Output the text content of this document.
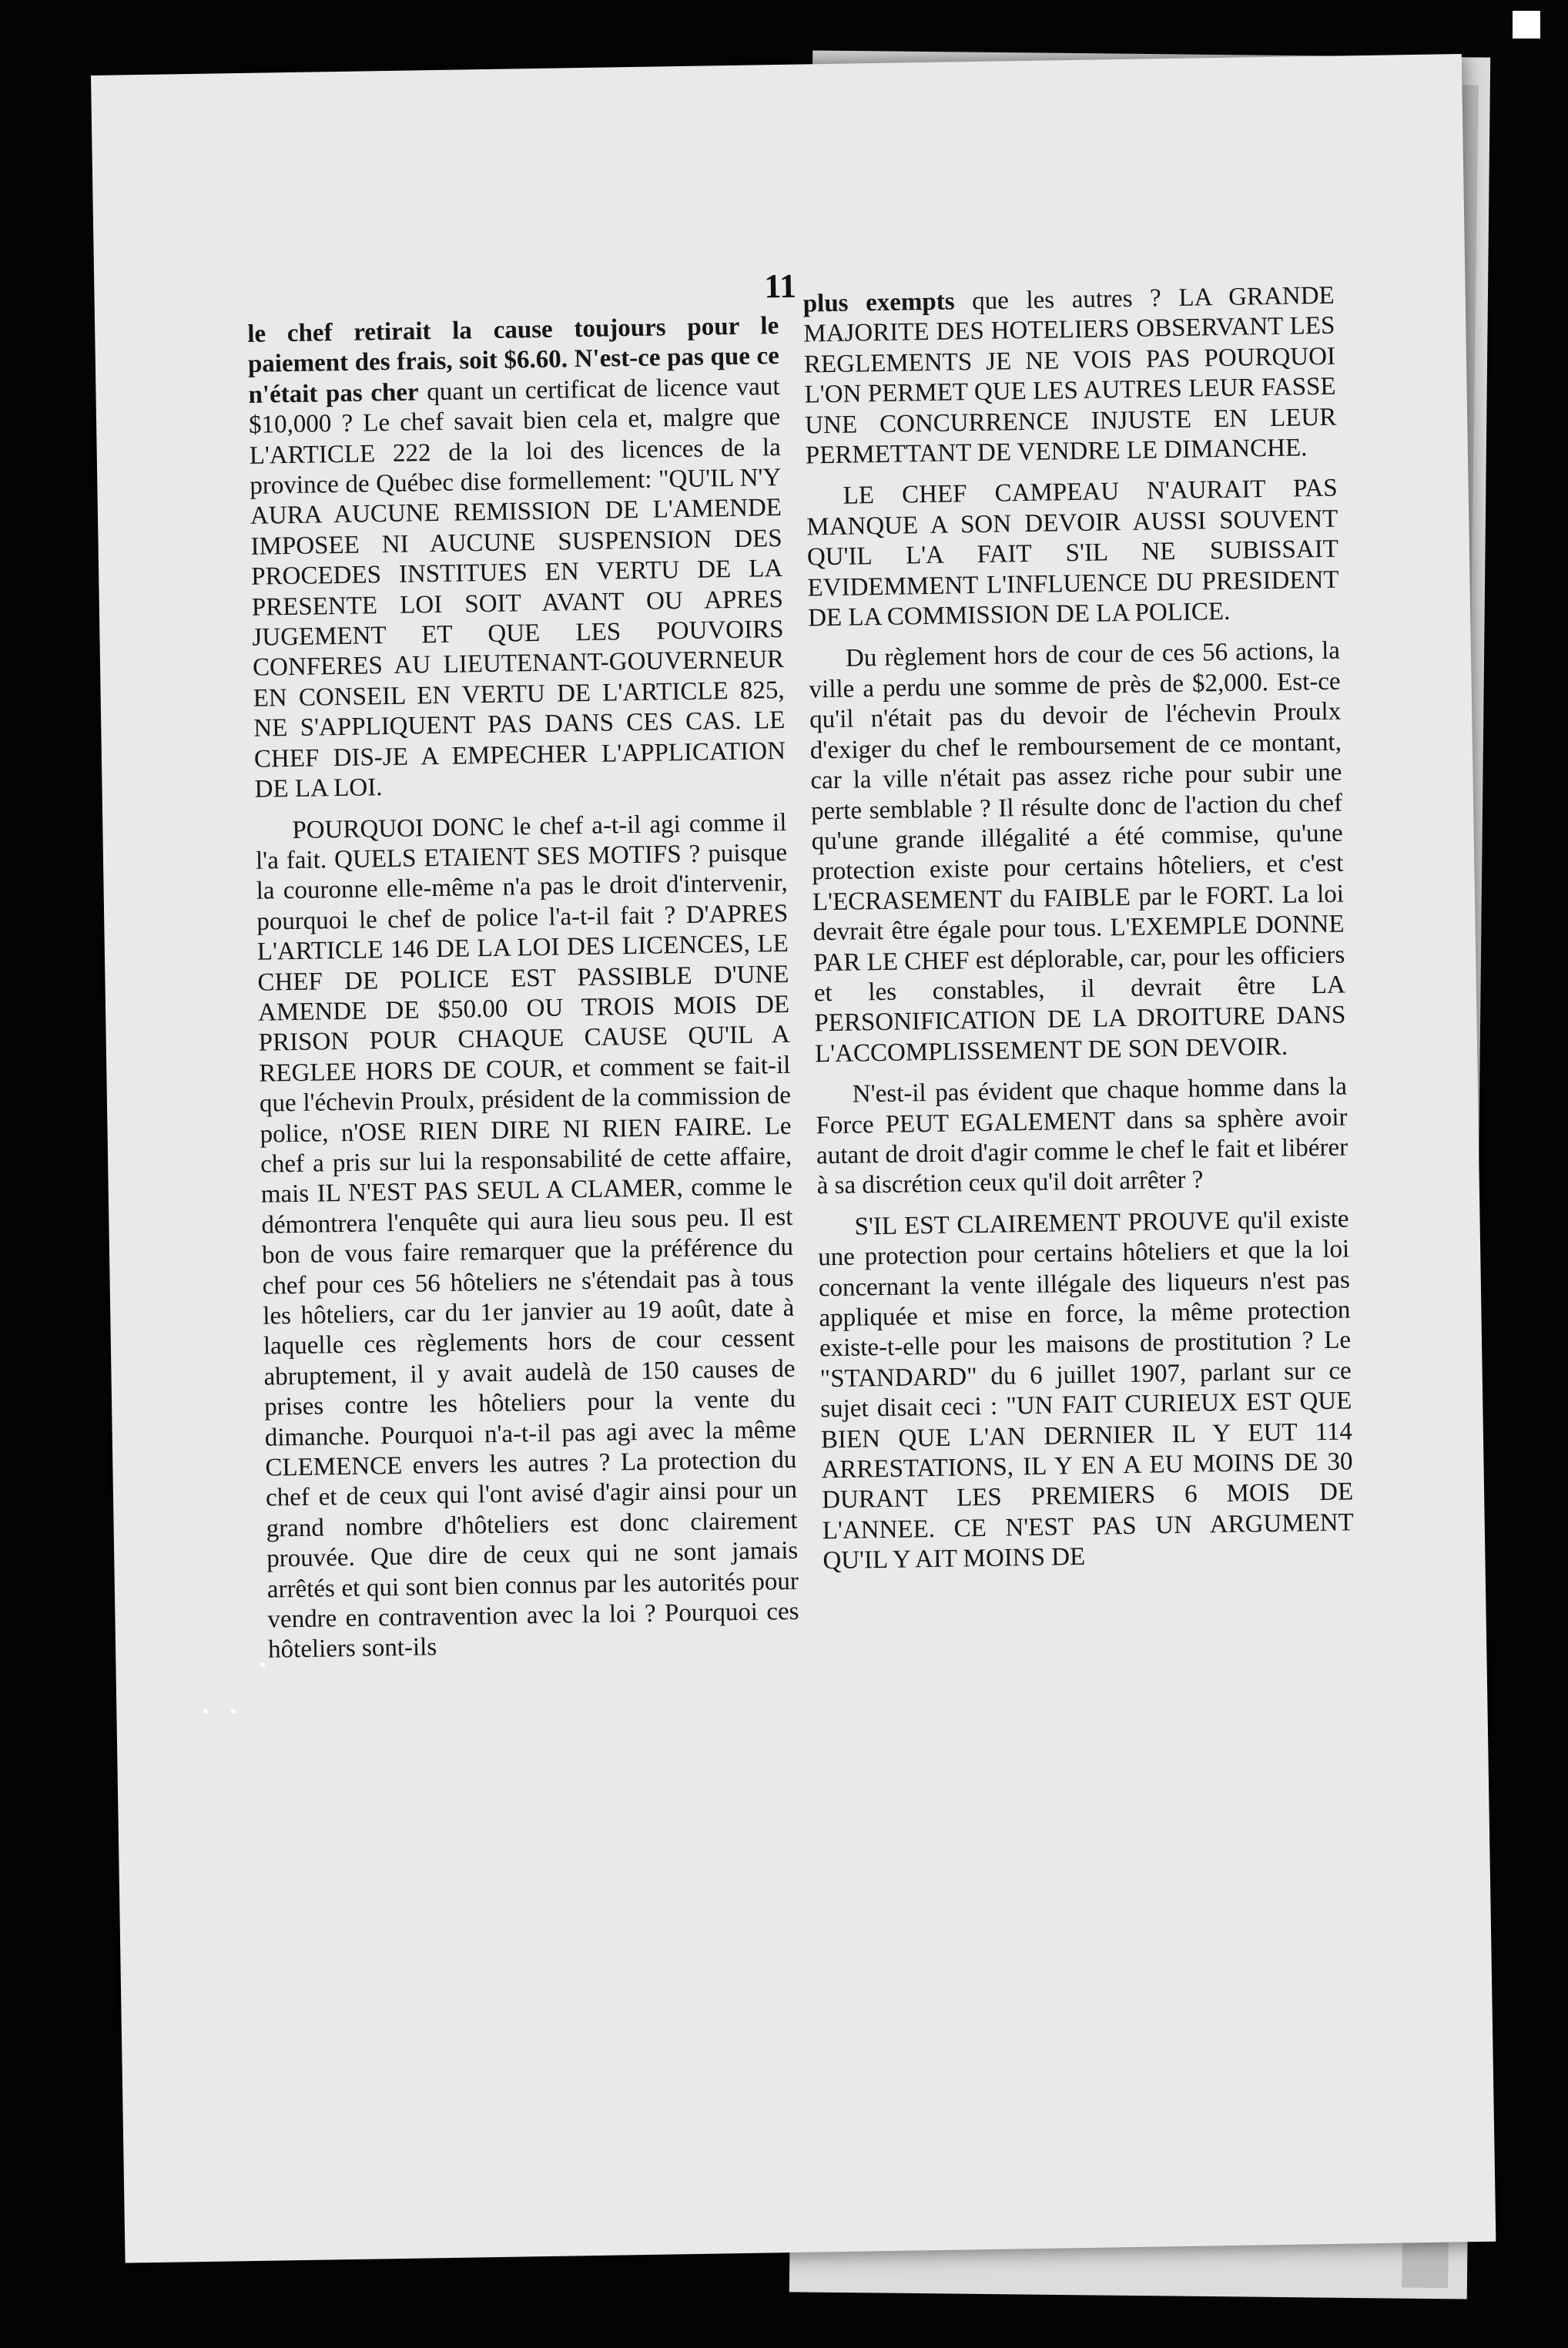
11

le chef retirait la cause toujours pour le paiement des frais, soit $6.60. N'est-ce pas que ce n'était pas cher quant un certificat de licence vaut $10,000 ? Le chef savait bien cela et, malgre que L'ARTICLE 222 de la loi des licences de la province de Québec dise formellement: "QU'IL N'Y AURA AUCUNE REMISSION DE L'AMENDE IMPOSEE NI AUCUNE SUSPENSION DES PROCEDES INSTITUES EN VERTU DE LA PRESENTE LOI SOIT AVANT OU APRES JUGEMENT ET QUE LES POUVOIRS CONFERES AU LIEUTENANT-GOUVERNEUR EN CONSEIL EN VERTU DE L'ARTICLE 825, NE S'APPLIQUENT PAS DANS CES CAS. LE CHEF DIS-JE A EMPECHER L'APPLICATION DE LA LOI.

POURQUOI DONC le chef a-t-il agi comme il l'a fait. QUELS ETAIENT SES MOTIFS ? puisque la couronne elle-même n'a pas le droit d'intervenir, pourquoi le chef de police l'a-t-il fait ? D'APRES L'ARTICLE 146 DE LA LOI DES LICENCES, LE CHEF DE POLICE EST PASSIBLE D'UNE AMENDE DE $50.00 OU TROIS MOIS DE PRISON POUR CHAQUE CAUSE QU'IL A REGLEE HORS DE COUR, et comment se fait-il que l'échevin Proulx, président de la commission de police, n'OSE RIEN DIRE NI RIEN FAIRE. Le chef a pris sur lui la responsabilité de cette affaire, mais IL N'EST PAS SEUL A CLAMER, comme le démontrera l'enquête qui aura lieu sous peu. Il est bon de vous faire remarquer que la préférence du chef pour ces 56 hôteliers ne s'étendait pas à tous les hôteliers, car du 1er janvier au 19 août, date à laquelle ces règlements hors de cour cessent abruptement, il y avait audelà de 150 causes de prises contre les hôteliers pour la vente du dimanche. Pourquoi n'a-t-il pas agi avec la même CLEMENCE envers les autres ? La protection du chef et de ceux qui l'ont avisé d'agir ainsi pour un grand nombre d'hôteliers est donc clairement prouvée. Que dire de ceux qui ne sont jamais arrêtés et qui sont bien connus par les autorités pour vendre en contravention avec la loi ? Pourquoi ces hôteliers sont-ils

plus exempts que les autres ? LA GRANDE MAJORITE DES HOTELIERS OBSERVANT LES REGLEMENTS JE NE VOIS PAS POURQUOI L'ON PERMET QUE LES AUTRES LEUR FASSE UNE CONCURRENCE INJUSTE EN LEUR PERMETTANT DE VENDRE LE DIMANCHE.

LE CHEF CAMPEAU N'AURAIT PAS MANQUE A SON DEVOIR AUSSI SOUVENT QU'IL L'A FAIT S'IL NE SUBISSAIT EVIDEMMENT L'INFLUENCE DU PRESIDENT DE LA COMMISSION DE LA POLICE.

Du règlement hors de cour de ces 56 actions, la ville a perdu une somme de près de $2,000. Est-ce qu'il n'était pas du devoir de l'échevin Proulx d'exiger du chef le remboursement de ce montant, car la ville n'était pas assez riche pour subir une perte semblable ? Il résulte donc de l'action du chef qu'une grande illégalité a été commise, qu'une protection existe pour certains hôteliers, et c'est L'ECRASEMENT du FAIBLE par le FORT. La loi devrait être égale pour tous. L'EXEMPLE DONNE PAR LE CHEF est déplorable, car, pour les officiers et les constables, il devrait être LA PERSONIFICATION DE LA DROITURE DANS L'ACCOMPLISSEMENT DE SON DEVOIR.

N'est-il pas évident que chaque homme dans la Force PEUT EGALEMENT dans sa sphère avoir autant de droit d'agir comme le chef le fait et libérer à sa discrétion ceux qu'il doit arrêter ?

S'IL EST CLAIREMENT PROUVE qu'il existe une protection pour certains hôteliers et que la loi concernant la vente illégale des liqueurs n'est pas appliquée et mise en force, la même protection existe-t-elle pour les maisons de prostitution ? Le "STANDARD" du 6 juillet 1907, parlant sur ce sujet disait ceci : "UN FAIT CURIEUX EST QUE BIEN QUE L'AN DERNIER IL Y EUT 114 ARRESTATIONS, IL Y EN A EU MOINS DE 30 DURANT LES PREMIERS 6 MOIS DE L'ANNEE. CE N'EST PAS UN ARGUMENT QU'IL Y AIT MOINS DE
